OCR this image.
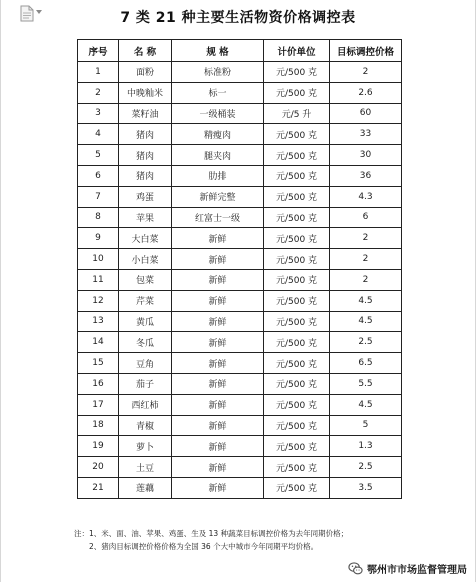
7 类 21 种主要生活物资价格调控表
序号	名 称	规 格	计价单位	目标调控价格
1	面粉	标准粉	元/500 克	2
2	中晚籼米	标一	元/500 克	2.6
3	菜籽油	一级桶装	元/5 升	60
4	猪肉	精瘦肉	元/500 克	33
5	猪肉	腿夹肉	元/500 克	30
6	猪肉	肋排	元/500 克	36
7	鸡蛋	新鲜完整	元/500 克	4.3
8	苹果	红富士一级	元/500 克	6
9	大白菜	新鲜	元/500 克	2
10	小白菜	新鲜	元/500 克	2
11	包菜	新鲜	元/500 克	2
12	芹菜	新鲜	元/500 克	4.5
13	黄瓜	新鲜	元/500 克	4.5
14	冬瓜	新鲜	元/500 克	2.5
15	豆角	新鲜	元/500 克	6.5
16	茄子	新鲜	元/500 克	5.5
17	西红柿	新鲜	元/500 克	4.5
18	青椒	新鲜	元/500 克	5
19	萝卜	新鲜	元/500 克	1.3
20	土豆	新鲜	元/500 克	2.5
21	莲藕	新鲜	元/500 克	3.5
注：1、米、面、油、苹果、鸡蛋、生及 13 种蔬菜目标调控价格为去年同期价格；
2、猪肉目标调控价格价格为全国 36 个大中城市今年同期平均价格。
鄂州市市场监督管理局
